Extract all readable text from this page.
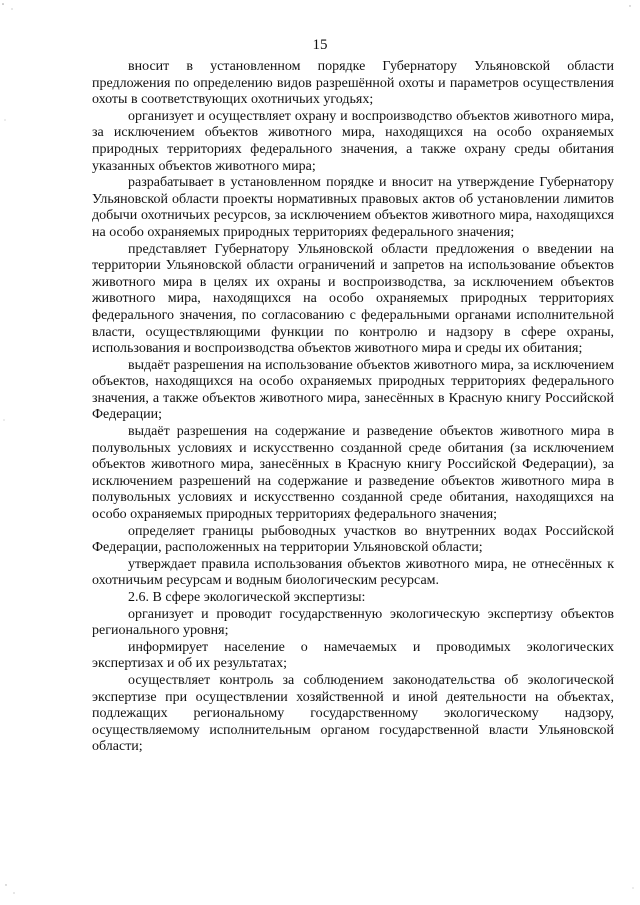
15

вносит в установленном порядке Губернатору Ульяновской области предложения по определению видов разрешённой охоты и параметров осуществления охоты в соответствующих охотничьих угодьях;

организует и осуществляет охрану и воспроизводство объектов животного мира, за исключением объектов животного мира, находящихся на особо охраняемых природных территориях федерального значения, а также охрану среды обитания указанных объектов животного мира;

разрабатывает в установленном порядке и вносит на утверждение Губернатору Ульяновской области проекты нормативных правовых актов об установлении лимитов добычи охотничьих ресурсов, за исключением объектов животного мира, находящихся на особо охраняемых природных территориях федерального значения;

представляет Губернатору Ульяновской области предложения о введении на территории Ульяновской области ограничений и запретов на использование объектов животного мира в целях их охраны и воспроизводства, за исключением объектов животного мира, находящихся на особо охраняемых природных территориях федерального значения, по согласованию с федеральными органами исполнительной власти, осуществляющими функции по контролю и надзору в сфере охраны, использования и воспроизводства объектов животного мира и среды их обитания;

выдаёт разрешения на использование объектов животного мира, за исключением объектов, находящихся на особо охраняемых природных территориях федерального значения, а также объектов животного мира, занесённых в Красную книгу Российской Федерации;

выдаёт разрешения на содержание и разведение объектов животного мира в полувольных условиях и искусственно созданной среде обитания (за исключением объектов животного мира, занесённых в Красную книгу Российской Федерации), за исключением разрешений на содержание и разведение объектов животного мира в полувольных условиях и искусственно созданной среде обитания, находящихся на особо охраняемых природных территориях федерального значения;

определяет границы рыбоводных участков во внутренних водах Российской Федерации, расположенных на территории Ульяновской области;

утверждает правила использования объектов животного мира, не отнесённых к охотничьим ресурсам и водным биологическим ресурсам.

2.6. В сфере экологической экспертизы:

организует и проводит государственную экологическую экспертизу объектов регионального уровня;

информирует население о намечаемых и проводимых экологических экспертизах и об их результатах;

осуществляет контроль за соблюдением законодательства об экологической экспертизе при осуществлении хозяйственной и иной деятельности на объектах, подлежащих региональному государственному экологическому надзору, осуществляемому исполнительным органом государственной власти Ульяновской области;
